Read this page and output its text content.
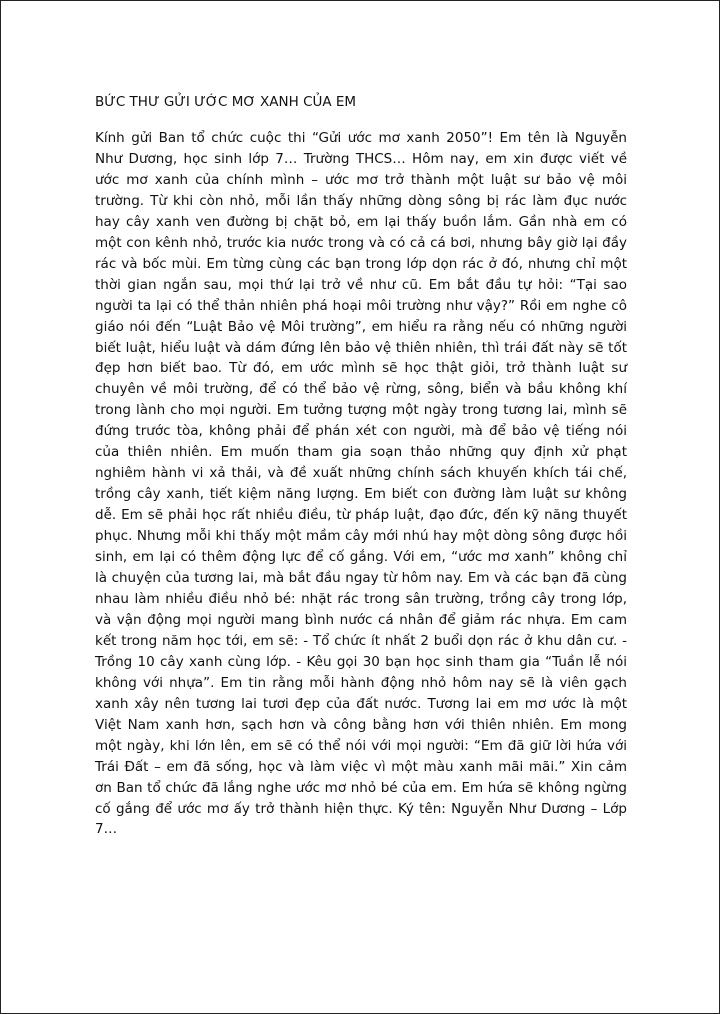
BỨC THƯ GỬI ƯỚC MƠ XANH CỦA EM

Kính gửi Ban tổ chức cuộc thi “Gửi ước mơ xanh 2050”! Em tên là Nguyễn Như Dương, học sinh lớp 7… Trường THCS… Hôm nay, em xin được viết về ước mơ xanh của chính mình – ước mơ trở thành một luật sư bảo vệ môi trường. Từ khi còn nhỏ, mỗi lần thấy những dòng sông bị rác làm đục nước hay cây xanh ven đường bị chặt bỏ, em lại thấy buồn lắm. Gần nhà em có một con kênh nhỏ, trước kia nước trong và có cả cá bơi, nhưng bây giờ lại đầy rác và bốc mùi. Em từng cùng các bạn trong lớp dọn rác ở đó, nhưng chỉ một thời gian ngắn sau, mọi thứ lại trở về như cũ. Em bắt đầu tự hỏi: “Tại sao người ta lại có thể thản nhiên phá hoại môi trường như vậy?” Rồi em nghe cô giáo nói đến “Luật Bảo vệ Môi trường”, em hiểu ra rằng nếu có những người biết luật, hiểu luật và dám đứng lên bảo vệ thiên nhiên, thì trái đất này sẽ tốt đẹp hơn biết bao. Từ đó, em ước mình sẽ học thật giỏi, trở thành luật sư chuyên về môi trường, để có thể bảo vệ rừng, sông, biển và bầu không khí trong lành cho mọi người. Em tưởng tượng một ngày trong tương lai, mình sẽ đứng trước tòa, không phải để phán xét con người, mà để bảo vệ tiếng nói của thiên nhiên. Em muốn tham gia soạn thảo những quy định xử phạt nghiêm hành vi xả thải, và đề xuất những chính sách khuyến khích tái chế, trồng cây xanh, tiết kiệm năng lượng. Em biết con đường làm luật sư không dễ. Em sẽ phải học rất nhiều điều, từ pháp luật, đạo đức, đến kỹ năng thuyết phục. Nhưng mỗi khi thấy một mầm cây mới nhú hay một dòng sông được hồi sinh, em lại có thêm động lực để cố gắng. Với em, “ước mơ xanh” không chỉ là chuyện của tương lai, mà bắt đầu ngay từ hôm nay. Em và các bạn đã cùng nhau làm nhiều điều nhỏ bé: nhặt rác trong sân trường, trồng cây trong lớp, và vận động mọi người mang bình nước cá nhân để giảm rác nhựa. Em cam kết trong năm học tới, em sẽ: - Tổ chức ít nhất 2 buổi dọn rác ở khu dân cư. - Trồng 10 cây xanh cùng lớp. - Kêu gọi 30 bạn học sinh tham gia “Tuần lễ nói không với nhựa”. Em tin rằng mỗi hành động nhỏ hôm nay sẽ là viên gạch xanh xây nên tương lai tươi đẹp của đất nước. Tương lai em mơ ước là một Việt Nam xanh hơn, sạch hơn và công bằng hơn với thiên nhiên. Em mong một ngày, khi lớn lên, em sẽ có thể nói với mọi người: “Em đã giữ lời hứa với Trái Đất – em đã sống, học và làm việc vì một màu xanh mãi mãi.” Xin cảm ơn Ban tổ chức đã lắng nghe ước mơ nhỏ bé của em. Em hứa sẽ không ngừng cố gắng để ước mơ ấy trở thành hiện thực. Ký tên: Nguyễn Như Dương – Lớp 7…
